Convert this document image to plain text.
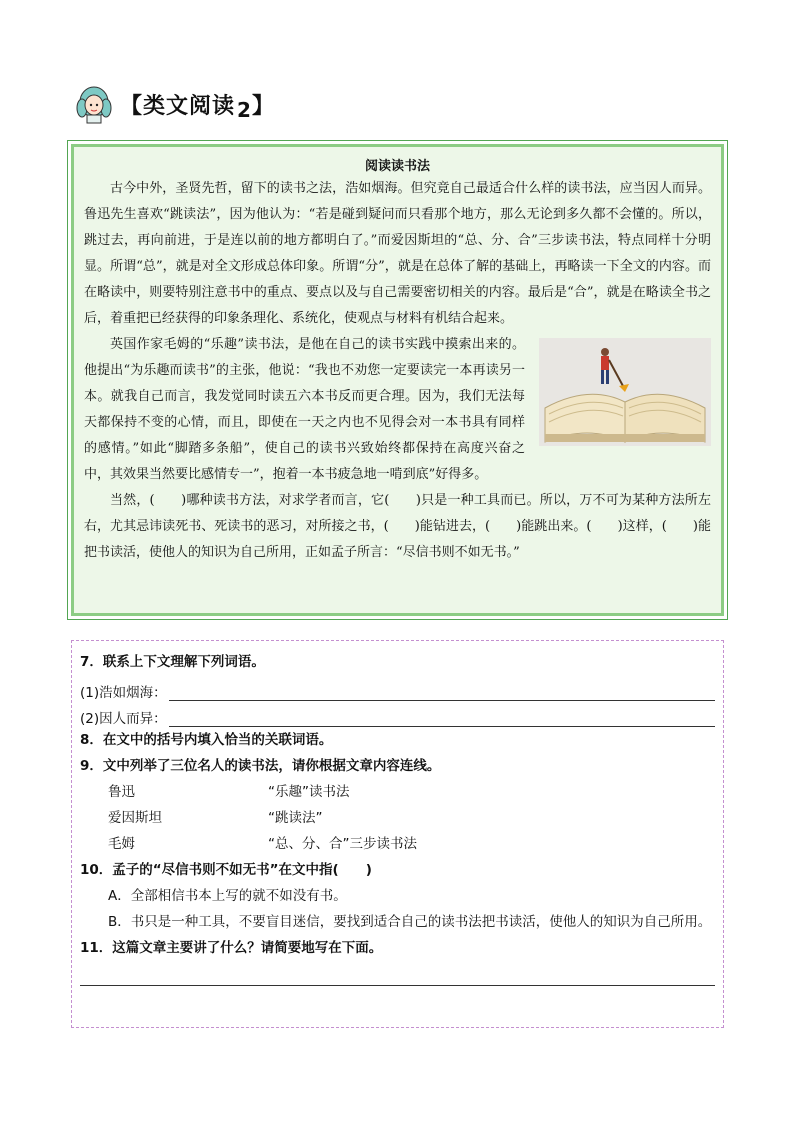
【类文阅读 2】
阅读读书法

古今中外，圣贤先哲，留下的读书之法，浩如烟海。但究竟自己最适合什么样的读书法，应当因人而异。鲁迅先生喜欢“跳读法”，因为他认为：“若是碰到疑问而只看那个地方，那么无论到多久都不会懂的。所以，跳过去，再向前进，于是连以前的地方都明白了。”而爱因斯坦的“总、分、合”三步读书法，特点同样十分明显。所谓“总”，就是对全文形成总体印象。所谓“分”，就是在总体了解的基础上，再略读一下全文的内容。而在略读中，则要特别注意书中的重点、要点以及与自己需要密切相关的内容。最后是“合”，就是在略读全书之后，着重把已经获得的印象条理化、系统化，使观点与材料有机结合起来。

英国作家毛姆的“乐趣”读书法，是他在自己的读书实践中摸索出来的。他提出“为乐趣而读书”的主张，他说：“我也不劝您一定要读完一本再读另一本。就我自己而言，我发觉同时读五六本书反而更合理。因为，我们无法每天都保持不变的心情，而且，即使在一天之内也不见得会对一本书具有同样的感情。”如此“脚踏多条船”，使自己的读书兴致始终都保持在高度兴奋之中，其效果当然要比感情专一”，抱着一本书疲急地一啃到底”好得多。

当然，(　　)哪种读书方法，对求学者而言，它(　　)只是一种工具而已。所以，万不可为某种方法所左右，尤其忌讳读死书、死读书的恶习，对所接之书，(　　)能钻进去，(　　)能跳出来。(　　)这样，(　　)能把书读活，使他人的知识为自己所用，正如孟子所言：“尽信书则不如无书。”

7．联系上下文理解下列词语。

(1)浩如烟海：
(2)因人而异：

8．在文中的括号内填入恰当的关联词语。

9．文中列举了三位名人的读书法，请你根据文章内容连线。

鲁迅	“乐趣”读书法
爱因斯坦	“跳读法”
毛姆	“总、分、合”三步读书法

10．孟子的“尽信书则不如无书”在文中指(　　)

A．全部相信书本上写的就不如没有书。
B．书只是一种工具，不要盲目迷信，要找到适合自己的读书法把书读活，使他人的知识为自己所用。

11．这篇文章主要讲了什么？请简要地写在下面。
